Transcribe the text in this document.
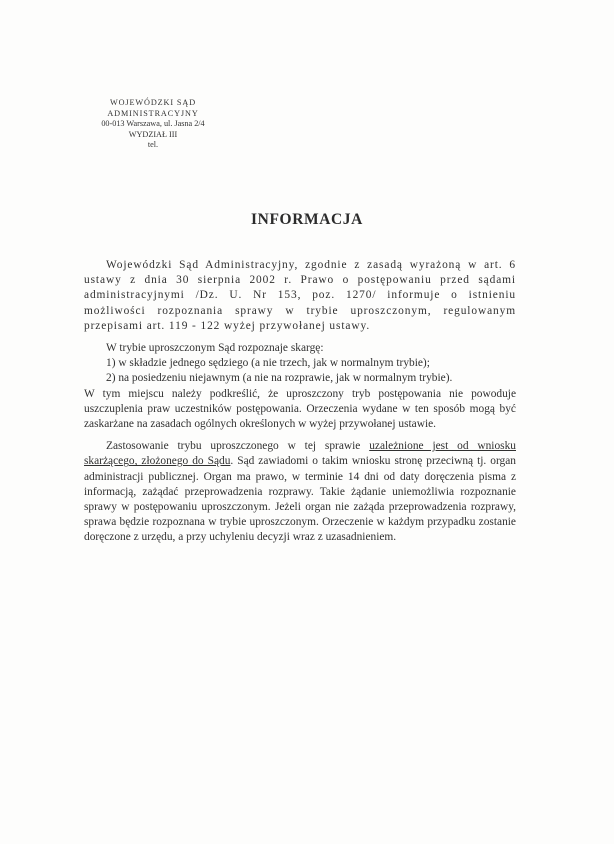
WOJEWÓDZKI SĄD
ADMINISTRACYJNY
00-013 Warszawa, ul. Jasna 2/4
WYDZIAŁ III
tel.
INFORMACJA

Wojewódzki Sąd Administracyjny, zgodnie z zasadą wyrażoną w art. 6 ustawy z dnia 30 sierpnia 2002 r. Prawo o postępowaniu przed sądami administracyjnymi /Dz. U. Nr 153, poz. 1270/ informuje o istnieniu możliwości rozpoznania sprawy w trybie uproszczonym, regulowanym przepisami art. 119 - 122 wyżej przywołanej ustawy.

W trybie uproszczonym Sąd rozpoznaje skargę:

1) w składzie jednego sędziego (a nie trzech, jak w normalnym trybie);

2) na posiedzeniu niejawnym (a nie na rozprawie, jak w normalnym trybie).

W tym miejscu należy podkreślić, że uproszczony tryb postępowania nie powoduje uszczuplenia praw uczestników postępowania. Orzeczenia wydane w ten sposób mogą być zaskarżane na zasadach ogólnych określonych w wyżej przywołanej ustawie.

Zastosowanie trybu uproszczonego w tej sprawie uzależnione jest od wniosku skarżącego, złożonego do Sądu. Sąd zawiadomi o takim wniosku stronę przeciwną tj. organ administracji publicznej. Organ ma prawo, w terminie 14 dni od daty doręczenia pisma z informacją, zażądać przeprowadzenia rozprawy. Takie żądanie uniemożliwia rozpoznanie sprawy w postępowaniu uproszczonym. Jeżeli organ nie zażąda przeprowadzenia rozprawy, sprawa będzie rozpoznana w trybie uproszczonym. Orzeczenie w każdym przypadku zostanie doręczone z urzędu, a przy uchyleniu decyzji wraz z uzasadnieniem.
